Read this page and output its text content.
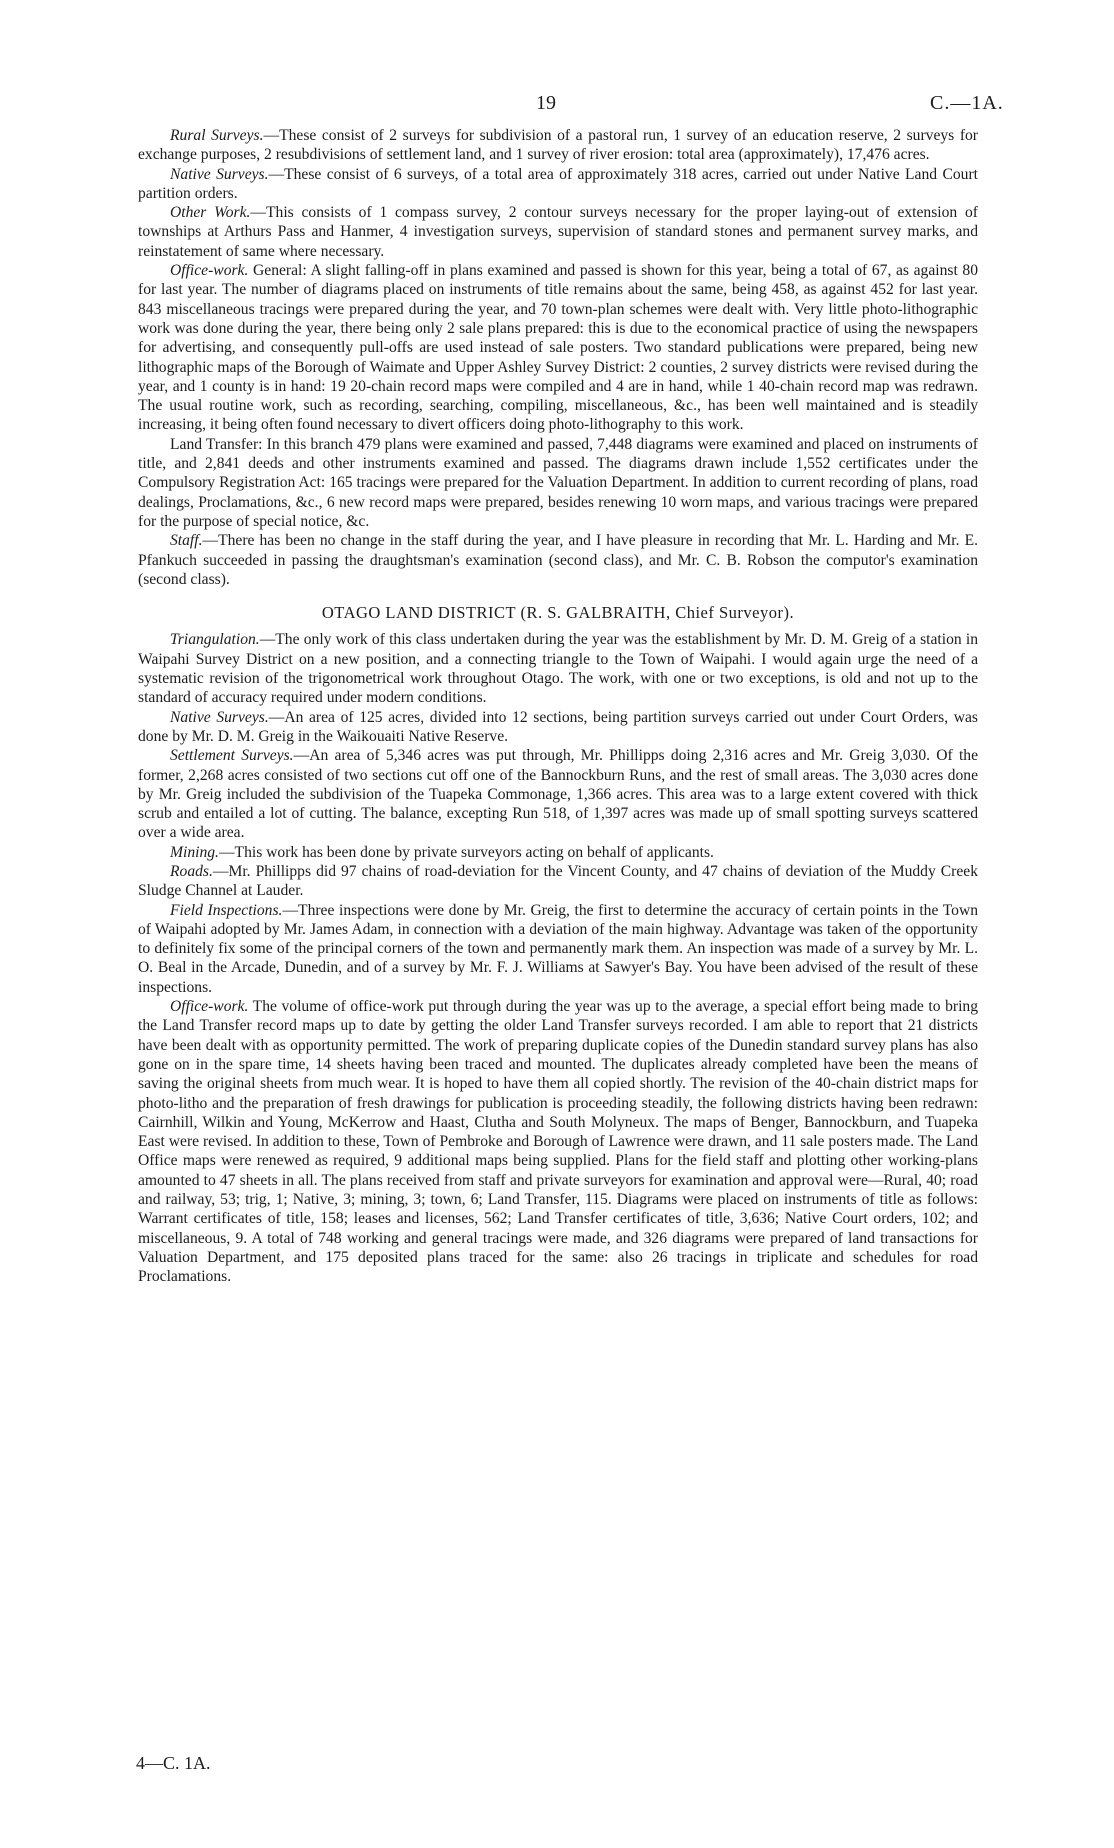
19	C.—1A.

Rural Surveys.—These consist of 2 surveys for subdivision of a pastoral run, 1 survey of an education reserve, 2 surveys for exchange purposes, 2 resubdivisions of settlement land, and 1 survey of river erosion: total area (approximately), 17,476 acres.

Native Surveys.—These consist of 6 surveys, of a total area of approximately 318 acres, carried out under Native Land Court partition orders.

Other Work.—This consists of 1 compass survey, 2 contour surveys necessary for the proper laying-out of extension of townships at Arthurs Pass and Hanmer, 4 investigation surveys, supervision of standard stones and permanent survey marks, and reinstatement of same where necessary.

Office-work. General: A slight falling-off in plans examined and passed is shown for this year, being a total of 67, as against 80 for last year. The number of diagrams placed on instruments of title remains about the same, being 458, as against 452 for last year. 843 miscellaneous tracings were prepared during the year, and 70 town-plan schemes were dealt with. Very little photo-lithographic work was done during the year, there being only 2 sale plans prepared: this is due to the economical practice of using the newspapers for advertising, and consequently pull-offs are used instead of sale posters. Two standard publications were prepared, being new lithographic maps of the Borough of Waimate and Upper Ashley Survey District: 2 counties, 2 survey districts were revised during the year, and 1 county is in hand: 19 20-chain record maps were compiled and 4 are in hand, while 1 40-chain record map was redrawn. The usual routine work, such as recording, searching, compiling, miscellaneous, &c., has been well maintained and is steadily increasing, it being often found necessary to divert officers doing photo-lithography to this work.

Land Transfer: In this branch 479 plans were examined and passed, 7,448 diagrams were examined and placed on instruments of title, and 2,841 deeds and other instruments examined and passed. The diagrams drawn include 1,552 certificates under the Compulsory Registration Act: 165 tracings were prepared for the Valuation Department. In addition to current recording of plans, road dealings, Proclamations, &c., 6 new record maps were prepared, besides renewing 10 worn maps, and various tracings were prepared for the purpose of special notice, &c.

Staff.—There has been no change in the staff during the year, and I have pleasure in recording that Mr. L. Harding and Mr. E. Pfankuch succeeded in passing the draughtsman's examination (second class), and Mr. C. B. Robson the computor's examination (second class).

OTAGO LAND DISTRICT (R. S. GALBRAITH, Chief Surveyor).

Triangulation.—The only work of this class undertaken during the year was the establishment by Mr. D. M. Greig of a station in Waipahi Survey District on a new position, and a connecting triangle to the Town of Waipahi. I would again urge the need of a systematic revision of the trigonometrical work throughout Otago. The work, with one or two exceptions, is old and not up to the standard of accuracy required under modern conditions.

Native Surveys.—An area of 125 acres, divided into 12 sections, being partition surveys carried out under Court Orders, was done by Mr. D. M. Greig in the Waikouaiti Native Reserve.

Settlement Surveys.—An area of 5,346 acres was put through, Mr. Phillipps doing 2,316 acres and Mr. Greig 3,030. Of the former, 2,268 acres consisted of two sections cut off one of the Bannockburn Runs, and the rest of small areas. The 3,030 acres done by Mr. Greig included the subdivision of the Tuapeka Commonage, 1,366 acres. This area was to a large extent covered with thick scrub and entailed a lot of cutting. The balance, excepting Run 518, of 1,397 acres was made up of small spotting surveys scattered over a wide area.

Mining.—This work has been done by private surveyors acting on behalf of applicants.

Roads.—Mr. Phillipps did 97 chains of road-deviation for the Vincent County, and 47 chains of deviation of the Muddy Creek Sludge Channel at Lauder.

Field Inspections.—Three inspections were done by Mr. Greig, the first to determine the accuracy of certain points in the Town of Waipahi adopted by Mr. James Adam, in connection with a deviation of the main highway. Advantage was taken of the opportunity to definitely fix some of the principal corners of the town and permanently mark them. An inspection was made of a survey by Mr. L. O. Beal in the Arcade, Dunedin, and of a survey by Mr. F. J. Williams at Sawyer's Bay. You have been advised of the result of these inspections.

Office-work. The volume of office-work put through during the year was up to the average, a special effort being made to bring the Land Transfer record maps up to date by getting the older Land Transfer surveys recorded. I am able to report that 21 districts have been dealt with as opportunity permitted. The work of preparing duplicate copies of the Dunedin standard survey plans has also gone on in the spare time, 14 sheets having been traced and mounted. The duplicates already completed have been the means of saving the original sheets from much wear. It is hoped to have them all copied shortly. The revision of the 40-chain district maps for photo-litho and the preparation of fresh drawings for publication is proceeding steadily, the following districts having been redrawn: Cairnhill, Wilkin and Young, McKerrow and Haast, Clutha and South Molyneux. The maps of Benger, Bannockburn, and Tuapeka East were revised. In addition to these, Town of Pembroke and Borough of Lawrence were drawn, and 11 sale posters made. The Land Office maps were renewed as required, 9 additional maps being supplied. Plans for the field staff and plotting other working-plans amounted to 47 sheets in all. The plans received from staff and private surveyors for examination and approval were—Rural, 40; road and railway, 53; trig, 1; Native, 3; mining, 3; town, 6; Land Transfer, 115. Diagrams were placed on instruments of title as follows: Warrant certificates of title, 158; leases and licenses, 562; Land Transfer certificates of title, 3,636; Native Court orders, 102; and miscellaneous, 9. A total of 748 working and general tracings were made, and 326 diagrams were prepared of land transactions for Valuation Department, and 175 deposited plans traced for the same: also 26 tracings in triplicate and schedules for road Proclamations.

4—C. 1A.
